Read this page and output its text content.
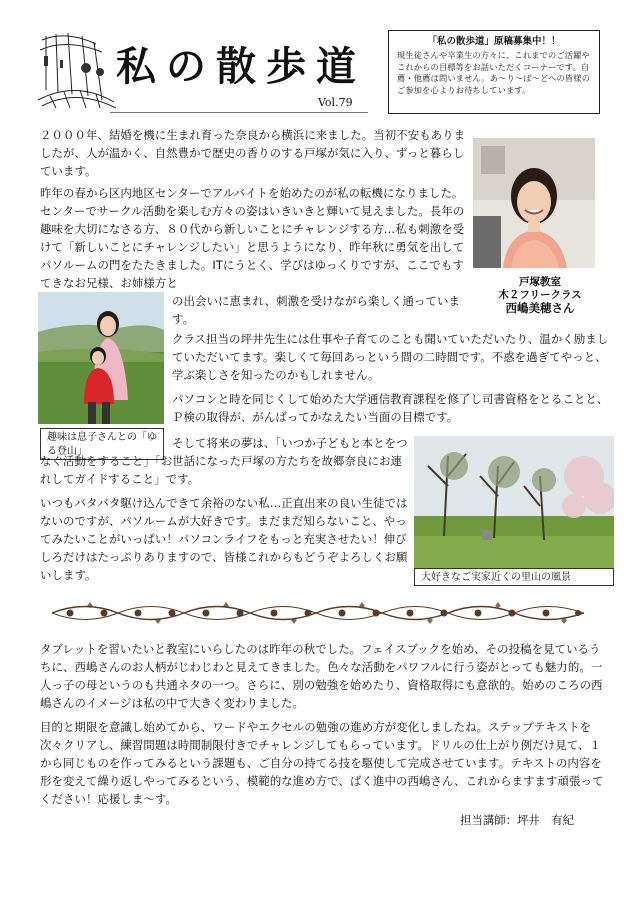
私の散歩道
Vol.79
「私の散歩道」原稿募集中！！
現生徒さんや卒業生の方々に、これまでのご活躍やこれからの目標等をお話いただくコーナーです。自薦・他薦は問いません。あ〜り〜ば〜どへの皆様のご参加を心よりお待ちしています。
戸塚教室
木２フリークラス
西嶋美穂さん

２０００年、結婚を機に生まれ育った奈良から横浜に来ました。当初不安もありましたが、人が温かく、自然豊かで歴史の香りのする戸塚が気に入り、ずっと暮らしています。

昨年の春から区内地区センターでアルバイトを始めたのが私の転機になりました。センターでサークル活動を楽しむ方々の姿はいきいきと輝いて見えました。長年の趣味を大切になさる方、８０代から新しいことにチャレンジする方…私も刺激を受けて「新しいことにチャレンジしたい」と思うようになり、昨年秋に勇気を出してパソルームの門をたたきました。ITにうとく、学びはゆっくりですが、ここでもすてきなお兄様、お姉様方と

の出会いに恵まれ、刺激を受けながら楽しく通っています。

趣味は息子さんとの「ゆる登山」

クラス担当の坪井先生には仕事や子育てのことも聞いていただいたり、温かく励ましていただいてます。楽しくて毎回あっという間の二時間です。不惑を過ぎてやっと、学ぶ楽しさを知ったのかもしれません。

パソコンと時を同じくして始めた大学通信教育課程を修了し司書資格をとることと、Ｐ検の取得が、がんばってかなえたい当面の目標です。

そして将来の夢は、｢いつか子どもと本とをつなぐ活動をすること｣「お世話になった戸塚の方たちを故郷奈良にお連れしてガイドすること」です。

大好きなご実家近くの里山の風景

いつもバタバタ駆け込んできて余裕のない私…正直出来の良い生徒ではないのですが、パソルームが大好きです。まだまだ知らないこと、やってみたいことがいっぱい！パソコンライフをもっと充実させたい！伸びしろだけはたっぷりありますので、皆様これからもどうぞよろしくお願いします。

タブレットを習いたいと教室にいらしたのは昨年の秋でした。フェイスブックを始め、その投稿を見ているうちに、西嶋さんのお人柄がじわじわと見えてきました。色々な活動をパワフルに行う姿がとっても魅力的。一人っ子の母というのも共通ネタの一つ。さらに、別の勉強を始めたり、資格取得にも意欲的。始めのころの西嶋さんのイメージは私の中で大きく変わりました。

目的と期限を意識し始めてから、ワードやエクセルの勉強の進め方が変化しましたね。ステップテキストを次々クリアし、練習問題は時間制限付きでチャレンジしてもらっています。ドリルの仕上がり例だけ見て、１ から同じものを作ってみるという課題も、ご自分の持てる技を駆使して完成させています。テキストの内容を形を変えて繰り返しやってみるという、模範的な進め方で、ばく進中の西嶋さん、これからますます頑張ってください！応援しま〜す。

担当講師：坪井　有紀
